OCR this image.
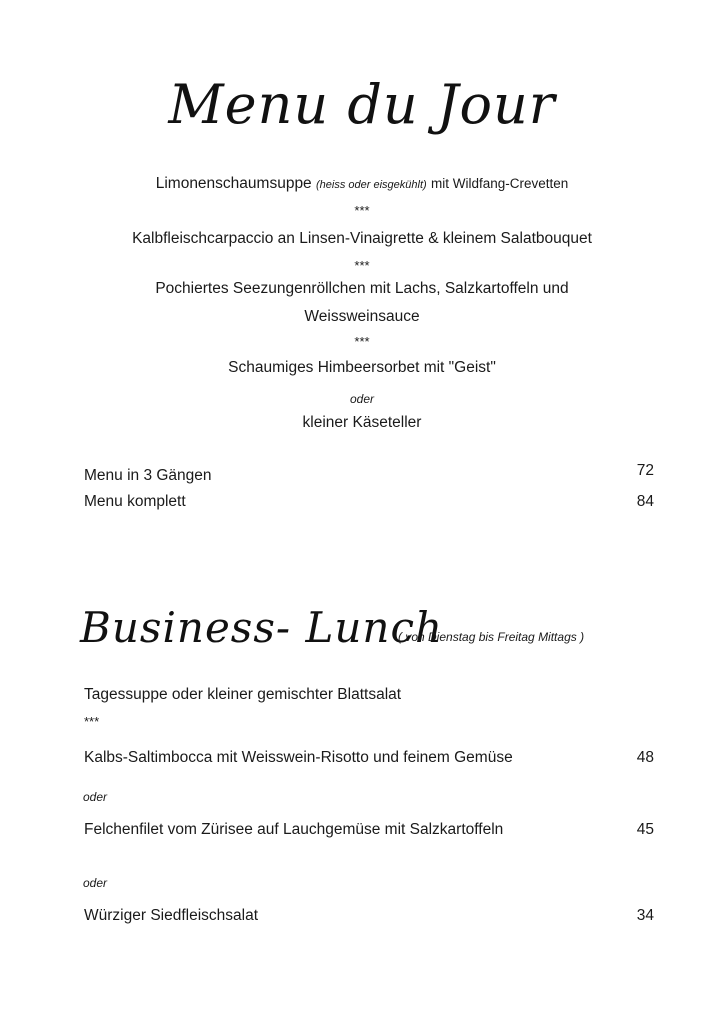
Menu du Jour
Limonenschaumsuppe (heiss oder eisgekühlt) mit Wildfang-Crevetten
***
Kalbfleischcarpaccio an Linsen-Vinaigrette & kleinem Salatbouquet
***
Pochiertes Seezungenröllchen mit Lachs, Salzkartoffeln und
Weissweinsauce
***
Schaumiges Himbeersorbet mit "Geist"
oder
kleiner Käseteller
Menu in 3 Gängen	72
Menu komplett	84
Business- Lunch
( von Dienstag bis Freitag Mittags )
Tagessuppe oder kleiner gemischter Blattsalat
***
Kalbs-Saltimbocca mit Weisswein-Risotto und feinem Gemüse	48
oder
Felchenfilet vom Zürisee auf Lauchgemüse mit Salzkartoffeln	45
oder
Würziger Siedfleischsalat	34
